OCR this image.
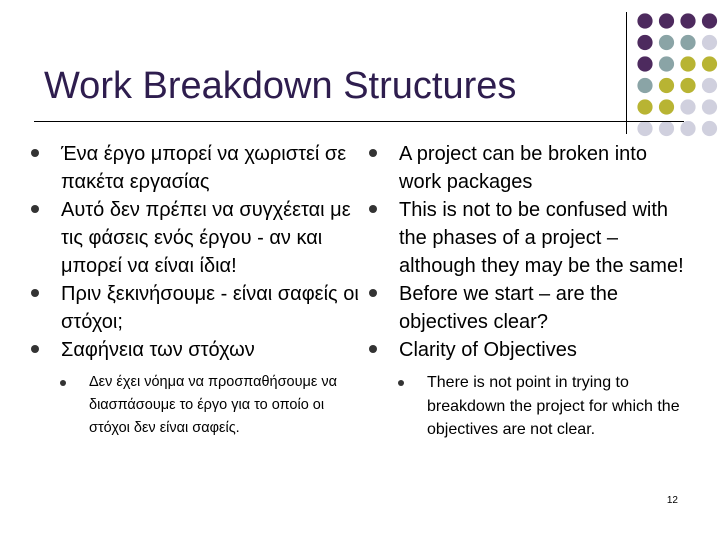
Work Breakdown Structures
Ένα έργο μπορεί να χωριστεί σε πακέτα εργασίας
Αυτό δεν πρέπει να συγχέεται με τις φάσεις ενός έργου - αν και μπορεί να είναι ίδια!
Πριν ξεκινήσουμε - είναι σαφείς οι στόχοι;
Σαφήνεια των στόχων
Δεν έχει νόημα να προσπαθήσουμε να διασπάσουμε το έργο για το οποίο οι στόχοι δεν είναι σαφείς.
A project can be broken into work packages
This is not to be confused with the phases of a project – although they may be the same!
Before we start – are the objectives clear?
Clarity of Objectives
There is not point in trying to breakdown the project for which the objectives are not clear.
12
